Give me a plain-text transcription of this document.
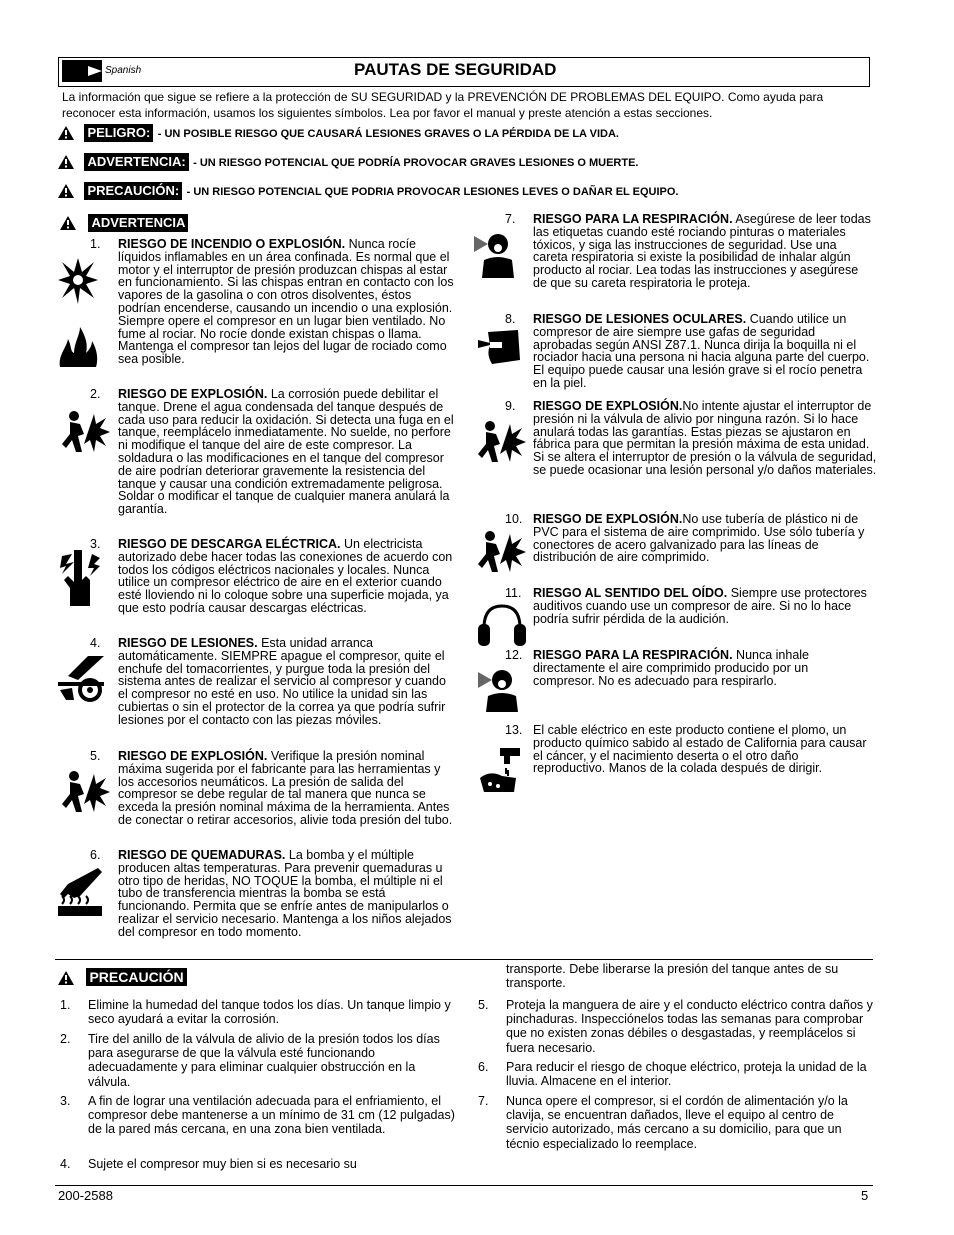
Spanish	PAUTAS DE SEGURIDAD
La información que sigue se refiere a la protección de SU SEGURIDAD y la PREVENCIÓN DE PROBLEMAS DEL EQUIPO. Como ayuda para reconocer esta información, usamos los siguientes símbolos. Lea por favor el manual y preste atención a estas secciones.
PELIGRO: - UN POSIBLE RIESGO QUE CAUSARÁ LESIONES GRAVES O LA PÉRDIDA DE LA VIDA.
ADVERTENCIA: - UN RIESGO POTENCIAL QUE PODRÍA PROVOCAR GRAVES LESIONES O MUERTE.
PRECAUCIÓN: - UN RIESGO POTENCIAL QUE PODRIA PROVOCAR LESIONES LEVES O DAÑAR EL EQUIPO.
ADVERTENCIA
1. RIESGO DE INCENDIO O EXPLOSIÓN. Nunca rocíe líquidos inflamables en un área confinada. Es normal que el motor y el interruptor de presión produzcan chispas al estar en funcionamiento. Si las chispas entran en contacto con los vapores de la gasolina o con otros disolventes, éstos podrían encenderse, causando un incendio o una explosión. Siempre opere el compresor en un lugar bien ventilado. No fume al rociar. No rocíe donde existan chispas o llama. Mantenga el compresor tan lejos del lugar de rociado como sea posible.
2. RIESGO DE EXPLOSIÓN. La corrosión puede debilitar el tanque. Drene el agua condensada del tanque después de cada uso para reducir la oxidación. Si detecta una fuga en el tanque, reemplácelo inmediatamente. No suelde, no perfore ni modifique el tanque del aire de este compresor. La soldadura o las modificaciones en el tanque del compresor de aire podrían deteriorar gravemente la resistencia del tanque y causar una condición extremadamente peligrosa. Soldar o modificar el tanque de cualquier manera anulará la garantía.
3. RIESGO DE DESCARGA ELÉCTRICA. Un electricista autorizado debe hacer todas las conexiones de acuerdo con todos los códigos eléctricos nacionales y locales. Nunca utilice un compresor eléctrico de aire en el exterior cuando esté lloviendo ni lo coloque sobre una superficie mojada, ya que esto podría causar descargas eléctricas.
4. RIESGO DE LESIONES. Esta unidad arranca automáticamente. SIEMPRE apague el compresor, quite el enchufe del tomacorrientes, y purgue toda la presión del sistema antes de realizar el servicio al compresor y cuando el compresor no esté en uso. No utilice la unidad sin las cubiertas o sin el protector de la correa ya que podría sufrir lesiones por el contacto con las piezas móviles.
5. RIESGO DE EXPLOSIÓN. Verifique la presión nominal máxima sugerida por el fabricante para las herramientas y los accesorios neumáticos. La presión de salida del compresor se debe regular de tal manera que nunca se exceda la presión nominal máxima de la herramienta. Antes de conectar o retirar accesorios, alivie toda presión del tubo.
6. RIESGO DE QUEMADURAS. La bomba y el múltiple producen altas temperaturas. Para prevenir quemaduras u otro tipo de heridas, NO TOQUE la bomba, el múltiple ni el tubo de transferencia mientras la bomba se está funcionando. Permita que se enfríe antes de manipularlos o realizar el servicio necesario. Mantenga a los niños alejados del compresor en todo momento.
7. RIESGO PARA LA RESPIRACIÓN. Asegúrese de leer todas las etiquetas cuando esté rociando pinturas o materiales tóxicos, y siga las instrucciones de seguridad. Use una careta respiratoria si existe la posibilidad de inhalar algún producto al rociar. Lea todas las instrucciones y asegúrese de que su careta respiratoria le proteja.
8. RIESGO DE LESIONES OCULARES. Cuando utilice un compresor de aire siempre use gafas de seguridad aprobadas según ANSI Z87.1. Nunca dirija la boquilla ni el rociador hacia una persona ni hacia alguna parte del cuerpo. El equipo puede causar una lesión grave si el rocío penetra en la piel.
9. RIESGO DE EXPLOSIÓN.No intente ajustar el interruptor de presión ni la válvula de alivio por ninguna razón. Si lo hace anulará todas las garantías. Estas piezas se ajustaron en fábrica para que permitan la presión máxima de esta unidad. Si se altera el interruptor de presión o la válvula de seguridad, se puede ocasionar una lesión personal y/o daños materiales.
10. RIESGO DE EXPLOSIÓN.No use tubería de plástico ni de PVC para el sistema de aire comprimido. Use sólo tubería y conectores de acero galvanizado para las líneas de distribución de aire comprimido.
11. RIESGO AL SENTIDO DEL OÍDO. Siempre use protectores auditivos cuando use un compresor de aire. Si no lo hace podría sufrir pérdida de la audición.
12. RIESGO PARA LA RESPIRACIÓN. Nunca inhale directamente el aire comprimido producido por un compresor. No es adecuado para respirarlo.
13. El cable eléctrico en este producto contiene el plomo, un producto químico sabido al estado de California para causar el cáncer, y el nacimiento deserta o el otro daño reproductivo. Manos de la colada después de dirigir.
PRECAUCIÓN
1. Elimine la humedad del tanque todos los días. Un tanque limpio y seco ayudará a evitar la corrosión.
2. Tire del anillo de la válvula de alivio de la presión todos los días para asegurarse de que la válvula esté funcionando adecuadamente y para eliminar cualquier obstrucción en la válvula.
3. A fin de lograr una ventilación adecuada para el enfriamiento, el compresor debe mantenerse a un mínimo de 31 cm (12 pulgadas) de la pared más cercana, en una zona bien ventilada.
4. Sujete el compresor muy bien si es necesario su
transporte. Debe liberarse la presión del tanque antes de su transporte.
5. Proteja la manguera de aire y el conducto eléctrico contra daños y pinchaduras. Inspecciónelos todas las semanas para comprobar que no existen zonas débiles o desgastadas, y reemplácelos si fuera necesario.
6. Para reducir el riesgo de choque eléctrico, proteja la unidad de la lluvia. Almacene en el interior.
7. Nunca opere el compresor, si el cordón de alimentación y/o la clavija, se encuentran dañados, lleve el equipo al centro de servicio autorizado, más cercano a su domicilio, para que un técnio especializado lo reemplace.
200-2588	5
